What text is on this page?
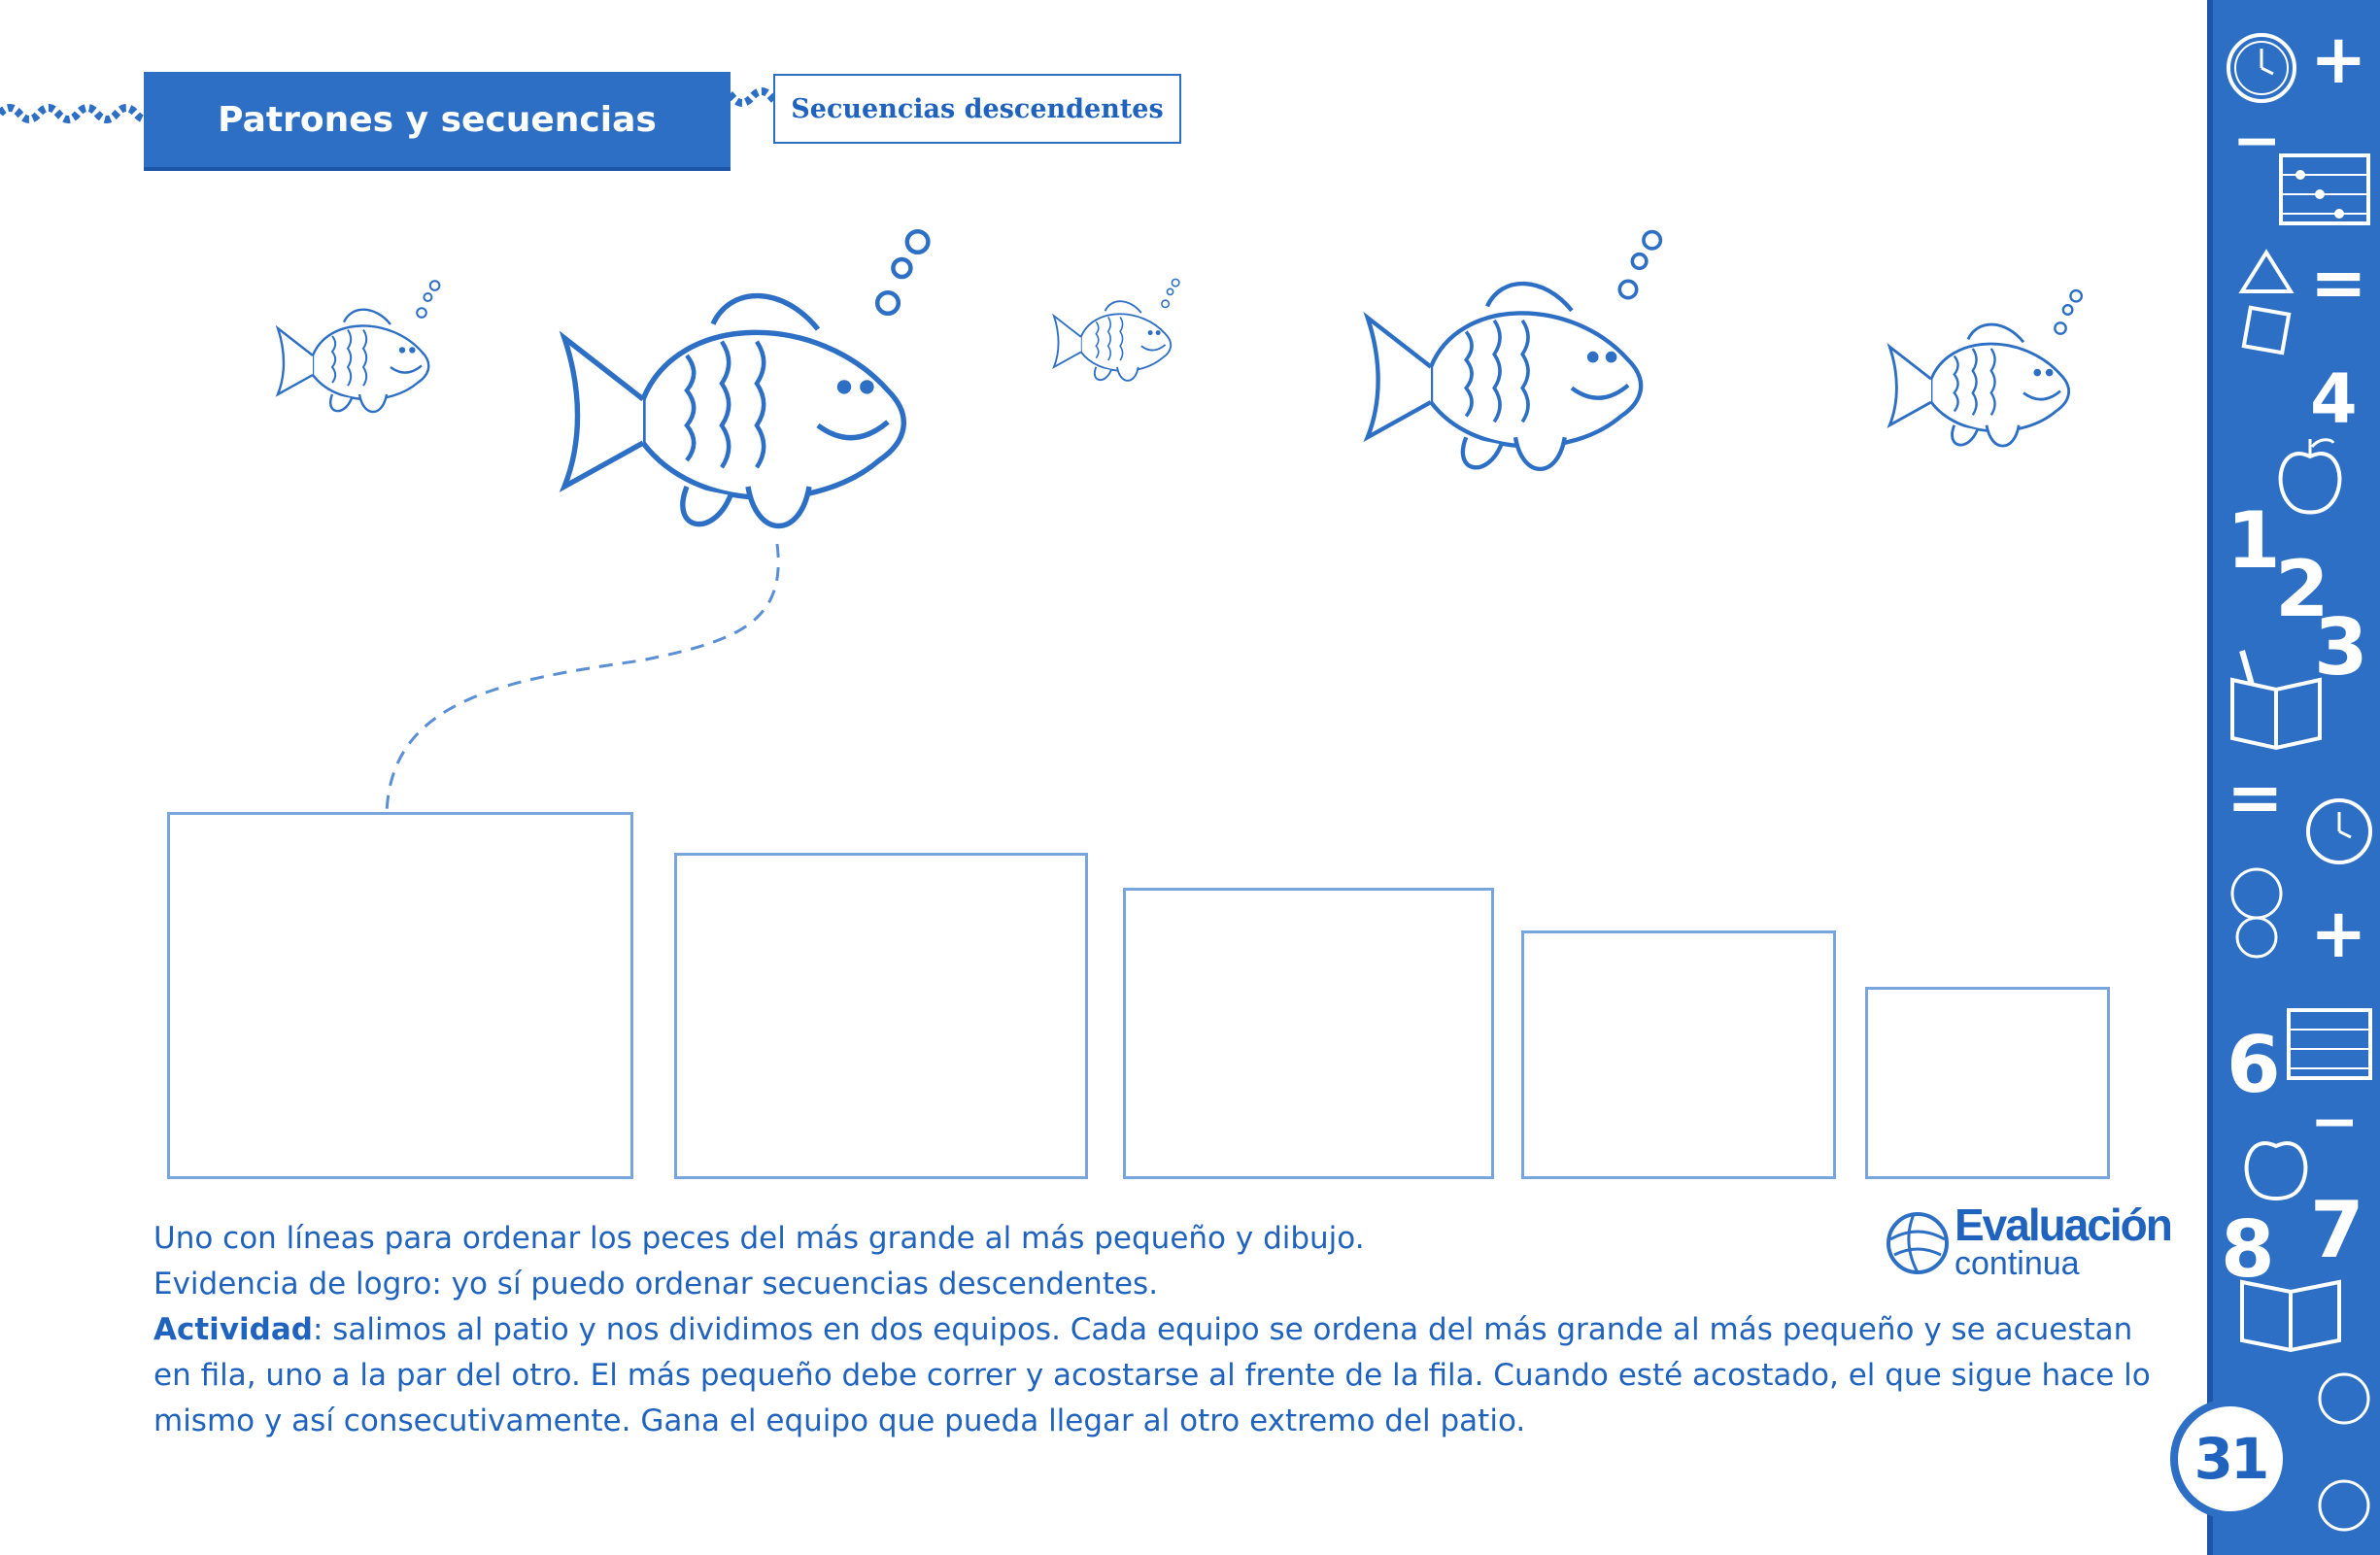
Patrones y secuencias	Secuencias descendentes
Evaluación
continua

Uno con líneas para ordenar los peces del más grande al más pequeño y dibujo.

Evidencia de logro: yo sí puedo ordenar secuencias descendentes.

Actividad: salimos al patio y nos dividimos en dos equipos. Cada equipo se ordena del más grande al más pequeño y se acuestan en fila, uno a la par del otro. El más pequeño debe correr y acostarse al frente de la fila. Cuando esté acostado, el que sigue hace lo mismo y así consecutivamente. Gana el equipo que pueda llegar al otro extremo del patio.

+
−
=
4
1
2
3
=
+
6
−
8 7
31
